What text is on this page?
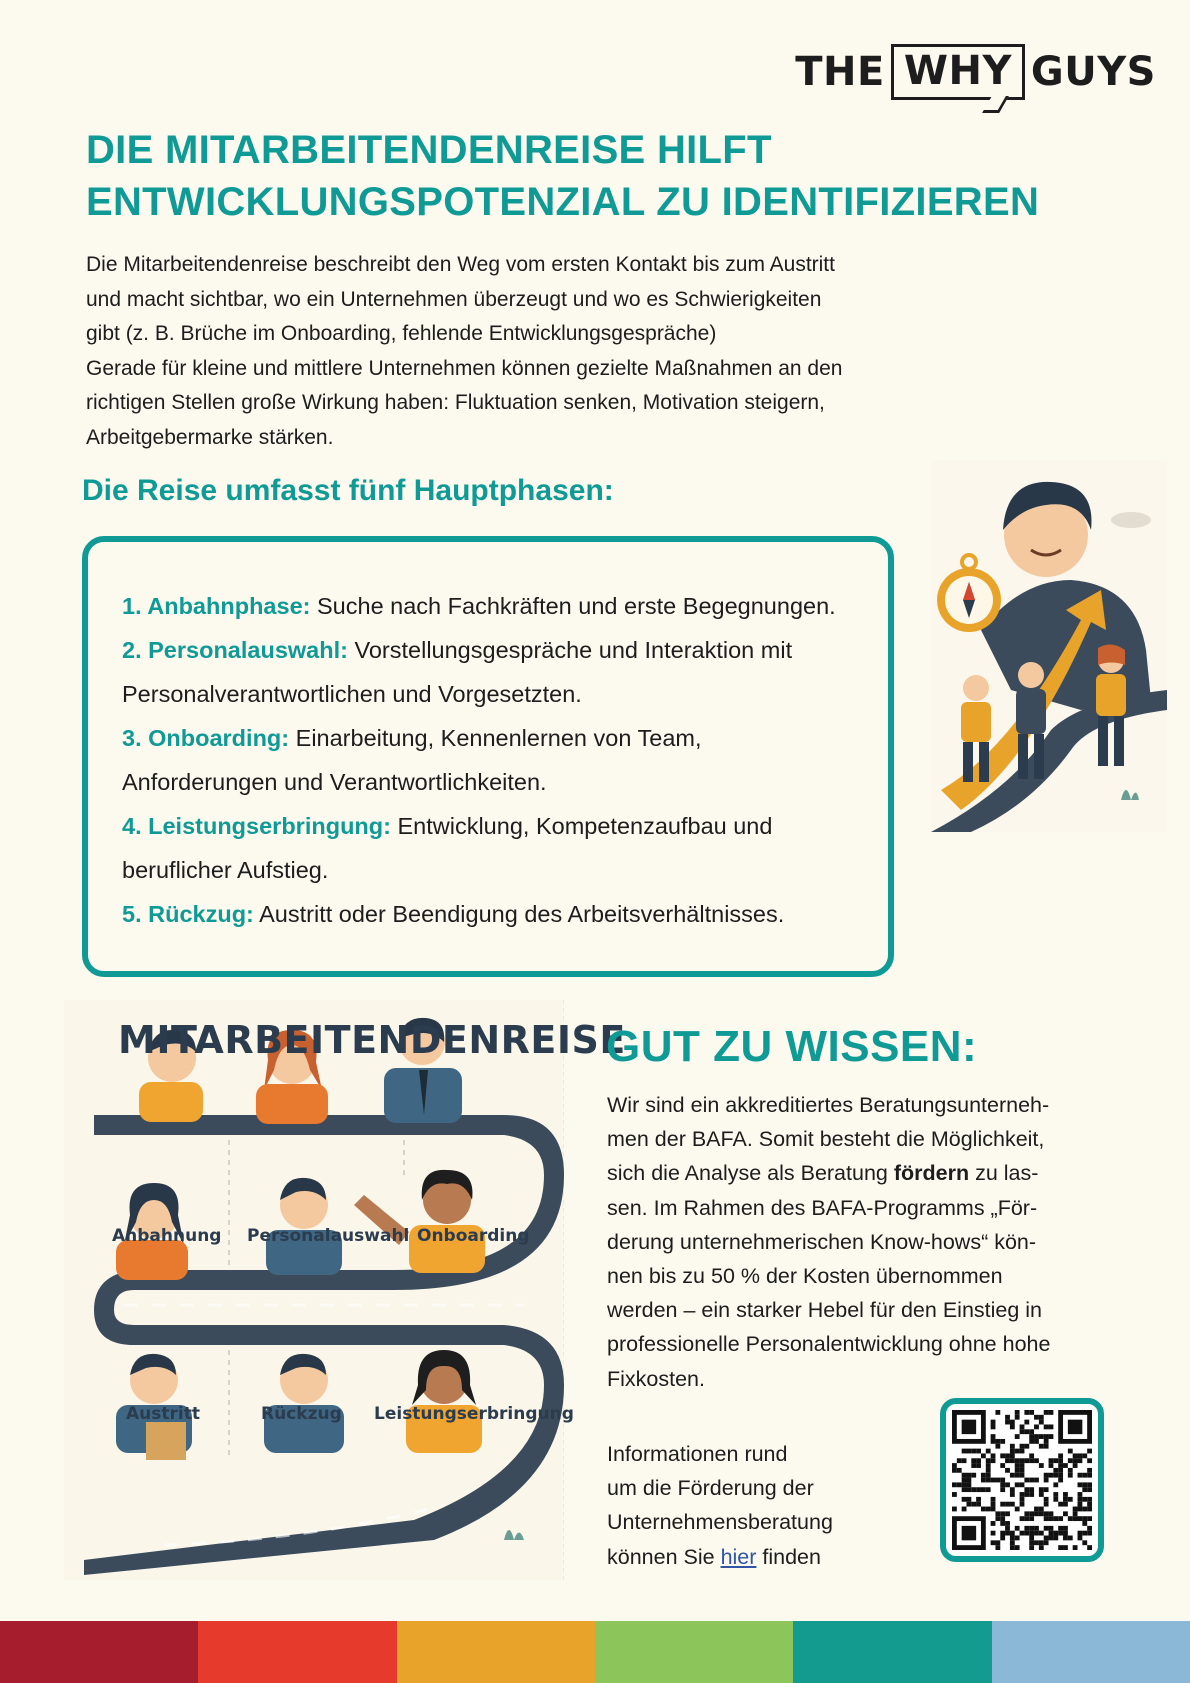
THE WHY GUYS
DIE MITARBEITENDENREISE HILFT
ENTWICKLUNGSPOTENZIAL ZU IDENTIFIZIEREN

Die Mitarbeitendenreise beschreibt den Weg vom ersten Kontakt bis zum Austritt

und macht sichtbar, wo ein Unternehmen überzeugt und wo es Schwierigkeiten

gibt (z. B. Brüche im Onboarding, fehlende Entwicklungsgespräche)

Gerade für kleine und mittlere Unternehmen können gezielte Maßnahmen an den

richtigen Stellen große Wirkung haben: Fluktuation senken, Motivation steigern,

Arbeitgebermarke stärken.

Die Reise umfasst fünf Hauptphasen:
1. Anbahnphase: Suche nach Fachkräften und erste Begegnungen.
2. Personalauswahl: Vorstellungsgespräche und Interaktion mit
Personalverantwortlichen und Vorgesetzten.
3. Onboarding: Einarbeitung, Kennenlernen von Team,
Anforderungen und Verantwortlichkeiten.
4. Leistungserbringung: Entwicklung, Kompetenzaufbau und
beruflicher Aufstieg.
5. Rückzug: Austritt oder Beendigung des Arbeitsverhältnisses.
MITARBEITENDENREISE
Anbahnung Personalauswahl Onboarding
Austritt	Rückzug Leistungserbringung
GUT ZU WISSEN:
Wir sind ein akkreditiertes Beratungsunterneh-
men der BAFA. Somit besteht die Möglichkeit,
sich die Analyse als Beratung fördern zu las-
sen. Im Rahmen des BAFA-Programms „För-
derung unternehmerischen Know-hows“ kön-
nen bis zu 50 % der Kosten übernommen
werden – ein starker Hebel für den Einstieg in
professionelle Personalentwicklung ohne hohe
Fixkosten.
Informationen rund
um die Förderung der
Unternehmensberatung
können Sie hier finden
